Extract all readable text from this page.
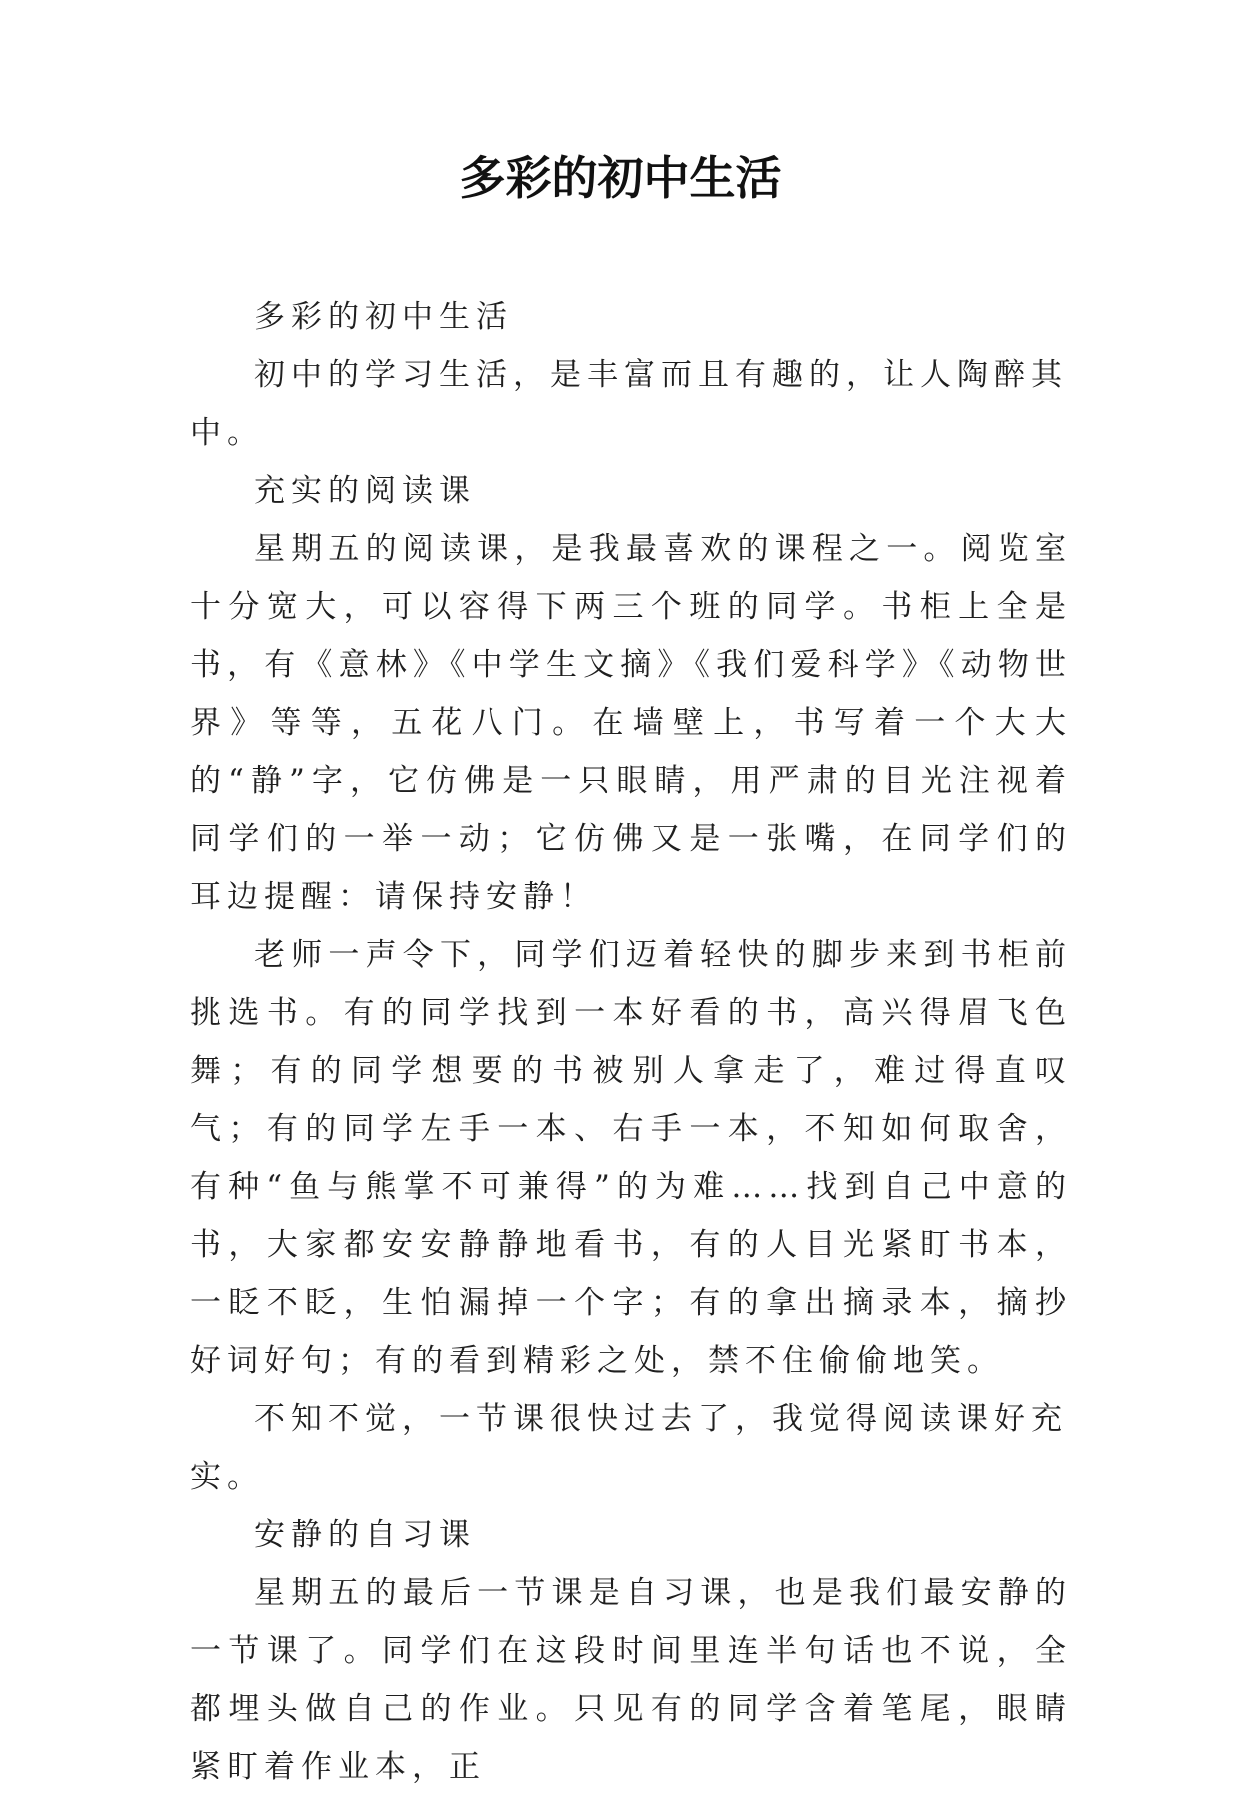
多彩的初中生活

多彩的初中生活

初中的学习生活，是丰富而且有趣的，让人陶醉其中。

充实的阅读课

星期五的阅读课，是我最喜欢的课程之一。阅览室十分宽大，可以容得下两三个班的同学。书柜上全是书，有《意林》《中学生文摘》《我们爱科学》《动物世界》等等，五花八门。在墙壁上，书写着一个大大的“静”字，它仿佛是一只眼睛，用严肃的目光注视着同学们的一举一动；它仿佛又是一张嘴，在同学们的耳边提醒：请保持安静！

老师一声令下，同学们迈着轻快的脚步来到书柜前挑选书。有的同学找到一本好看的书，高兴得眉飞色舞；有的同学想要的书被别人拿走了，难过得直叹气；有的同学左手一本、右手一本，不知如何取舍，有种“鱼与熊掌不可兼得”的为难……找到自己中意的书，大家都安安静静地看书，有的人目光紧盯书本，一眨不眨，生怕漏掉一个字；有的拿出摘录本，摘抄好词好句；有的看到精彩之处，禁不住偷偷地笑。

不知不觉，一节课很快过去了，我觉得阅读课好充实。

安静的自习课

星期五的最后一节课是自习课，也是我们最安静的一节课了。同学们在这段时间里连半句话也不说，全都埋头做自己的作业。只见有的同学含着笔尾，眼睛紧盯着作业本，正
